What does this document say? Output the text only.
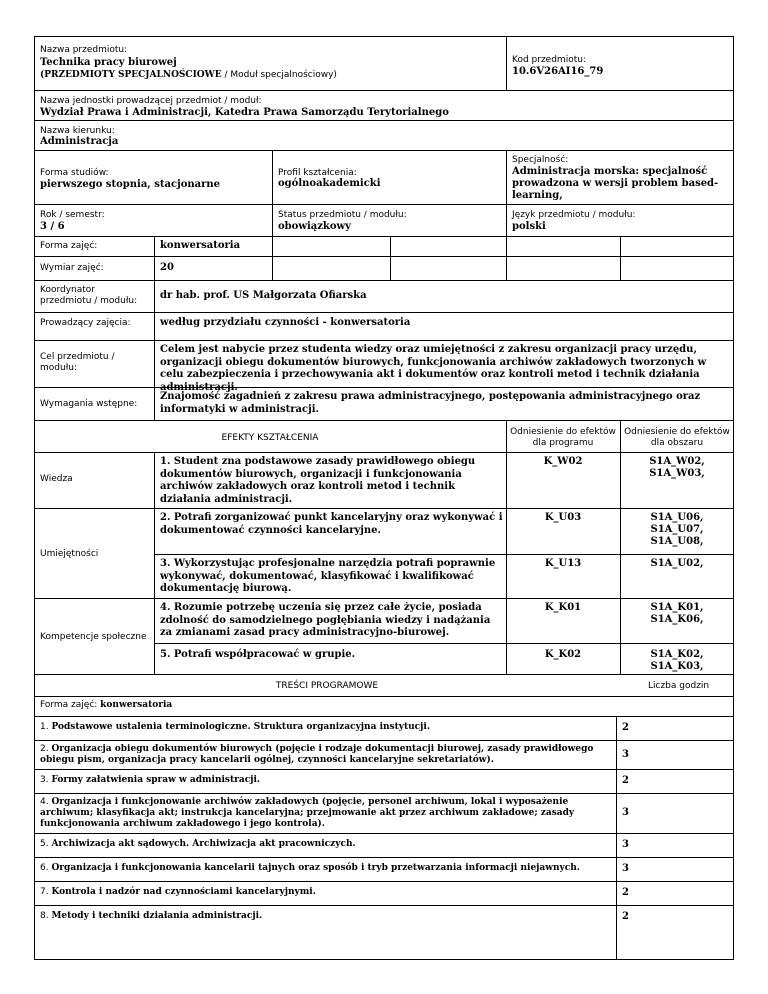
Nazwa przedmiotu:
Technika pracy biurowej
(PRZEDMIOTY SPECJALNOŚCIOWE / Moduł specjalnościowy)
Kod przedmiotu:
10.6V26AI16_79
Nazwa jednostki prowadzącej przedmiot / moduł:
Wydział Prawa i Administracji, Katedra Prawa Samorządu Terytorialnego
Nazwa kierunku:
Administracja
Forma studiów:
pierwszego stopnia, stacjonarne
Profil kształcenia:
ogólnoakademicki
Specjalność:
Administracja morska: specjalność
prowadzona w wersji problem based-
learning,
Rok / semestr:
3 / 6
Status przedmiotu / modułu:
obowiązkowy
Język przedmiotu / modułu:
polski
Forma zajęć:	konwersatoria
Wymiar zajęć:	20
Koordynator
przedmiotu / modułu: dr hab. prof. US Małgorzata Ofiarska
Prowadzący zajęcia:	według przydziału czynności - konwersatoria
Cel przedmiotu /
modułu:
Celem jest nabycie przez studenta wiedzy oraz umiejętności z zakresu organizacji pracy urzędu, organizacji obiegu dokumentów biurowych, funkcjonowania archiwów zakładowych tworzonych w celu zabezpieczenia i przechowywania akt i dokumentów oraz kontroli metod i technik działania administracji.
Wymagania wstępne:
Znajomość zagadnień z zakresu prawa administracyjnego, postępowania administracyjnego oraz informatyki w administracji.
EFEKTY KSZTAŁCENIA
Odniesienie do efektów dla programu
Odniesienie do efektów dla obszaru
Wiedza
1. Student zna podstawowe zasady prawidłowego obiegu dokumentów biurowych, organizacji i funkcjonowania archiwów zakładowych oraz kontroli metod i technik działania administracji.
K_W02	S1A_W02,
S1A_W03,
Umiejętności
2. Potrafi zorganizować punkt kancelaryjny oraz wykonywać i dokumentować czynności kancelaryjne.
K_U03	S1A_U06,
S1A_U07,
S1A_U08,
3. Wykorzystując profesjonalne narzędzia potrafi poprawnie wykonywać, dokumentować, klasyfikować i kwalifikować dokumentację biurową.
K_U13	S1A_U02,
Kompetencje społeczne
4. Rozumie potrzebę uczenia się przez całe życie, posiada zdolność do samodzielnego pogłębiania wiedzy i nadążania za zmianami zasad pracy administracyjno-biurowej.
K_K01	S1A_K01,
S1A_K06,
5. Potrafi współpracować w grupie.	K_K02	S1A_K02,
S1A_K03,
TREŚCI PROGRAMOWE	Liczba godzin
Forma zajęć: konwersatoria
1. Podstawowe ustalenia terminologiczne. Struktura organizacyjna instytucji.	2
2. Organizacja obiegu dokumentów biurowych (pojęcie i rodzaje dokumentacji biurowej, zasady prawidłowego obiegu pism, organizacja pracy kancelarii ogólnej, czynności kancelaryjne sekretariatów).	3
3. Formy załatwienia spraw w administracji.	2
4. Organizacja i funkcjonowanie archiwów zakładowych (pojęcie, personel archiwum, lokal i wyposażenie archiwum; klasyfikacja akt; instrukcja kancelaryjna; przejmowanie akt przez archiwum zakładowe; zasady funkcjonowania archiwum zakładowego i jego kontrola).
3
5. Archiwizacja akt sądowych. Archiwizacja akt pracowniczych.	3
6. Organizacja i funkcjonowania kancelarii tajnych oraz sposób i tryb przetwarzania informacji niejawnych.	3
7. Kontrola i nadzór nad czynnościami kancelaryjnymi.	2
8. Metody i techniki działania administracji.	2
